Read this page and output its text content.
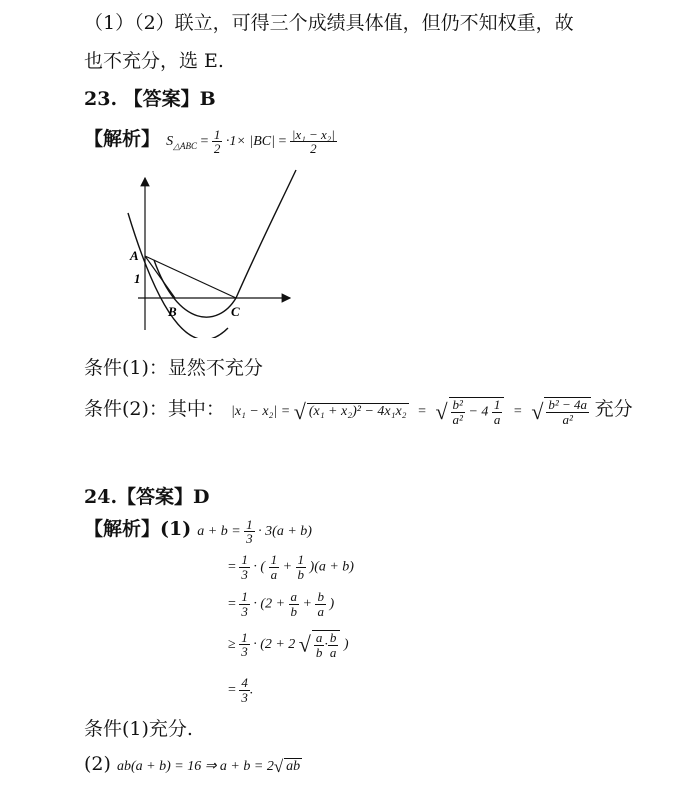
（1）（2）联立，可得三个成绩具体值，但仍不知权重，故
也不充分，选 E.
23. 【答案】B
【解析】 $S_{\triangle ABC} = \frac{1}{2} \cdot 1\times |BC| = \frac{\text{|x₁ − x₂|}}{2}$
A
1
B	C
条件(1)：显然不充分
条件(2)：其中： |x₁ − x₂| = √ (x₁ + x₂)² − 4x₁x₂ = √ $\frac{\text{b²}}{\text{a²}} - 4 \frac{1}{a}$ = √ $\frac{\text{b² − 4a}}{\text{a²}}$ 充分
24.【答案】D
【解析】(1) $a + b = \frac{1}{3} \cdot 3(a + b)$
= $\frac{1}{3}$ · ( $\frac{1}{a} + \frac{1}{b} )(a + b)$
= $\frac{1}{3} \cdot (2 + \frac{a}{b} + \frac{b}{a}$ )
≥ $\frac{1}{3} \cdot (2 + 2$ √ $\frac{a}{b} \cdot \frac{b}{a}$ )
= $\frac{4}{3}$ .
条件(1)充分.
(2) ab(a + b) = 16 ⇒ a + b = 2√ ab
